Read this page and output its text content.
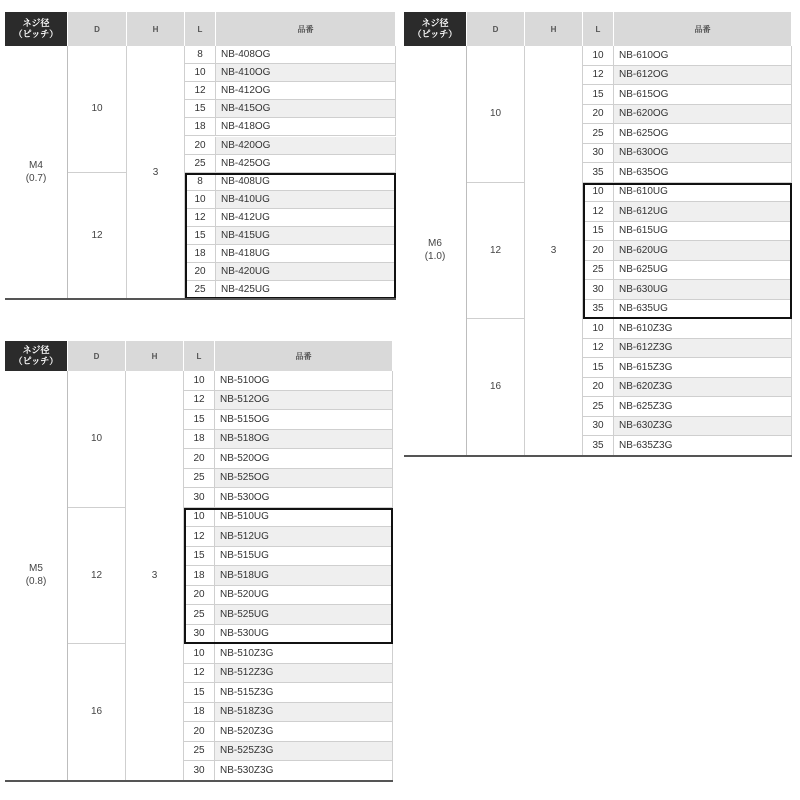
ネジ径
（ピッチ）	D	H	L	品番
M4
(0.7)
3
10
8	NB-408OG
10	NB-410OG
12	NB-412OG
15	NB-415OG
18	NB-418OG
20	NB-420OG
25	NB-425OG
12
8	NB-408UG
10	NB-410UG
12	NB-412UG
15	NB-415UG
18	NB-418UG
20	NB-420UG
25	NB-425UG
ネジ径
（ピッチ）	D	H	L	品番
M5
(0.8)
3
10
10	NB-510OG
12	NB-512OG
15	NB-515OG
18	NB-518OG
20	NB-520OG
25	NB-525OG
30	NB-530OG
12
10	NB-510UG
12	NB-512UG
15	NB-515UG
18	NB-518UG
20	NB-520UG
25	NB-525UG
30	NB-530UG
16
10	NB-510Z3G
12	NB-512Z3G
15	NB-515Z3G
18	NB-518Z3G
20	NB-520Z3G
25	NB-525Z3G
30	NB-530Z3G
ネジ径
（ピッチ）	D	H	L	品番
M6
(1.0)
3
10
10	NB-610OG
12	NB-612OG
15	NB-615OG
20	NB-620OG
25	NB-625OG
30	NB-630OG
35	NB-635OG
12
10	NB-610UG
12	NB-612UG
15	NB-615UG
20	NB-620UG
25	NB-625UG
30	NB-630UG
35	NB-635UG
16
10	NB-610Z3G
12	NB-612Z3G
15	NB-615Z3G
20	NB-620Z3G
25	NB-625Z3G
30	NB-630Z3G
35	NB-635Z3G
